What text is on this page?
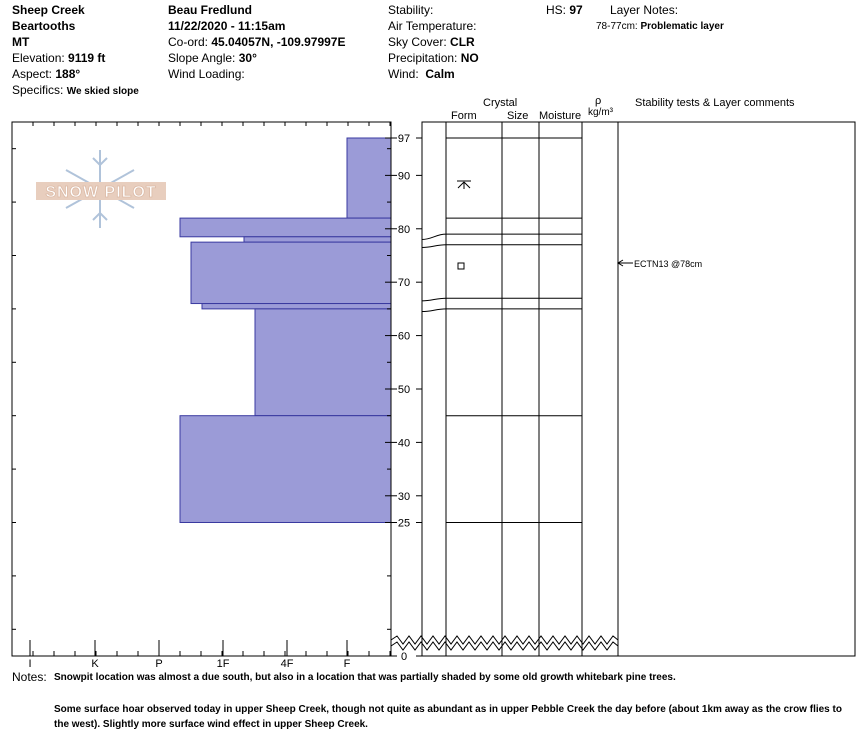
Sheep Creek
Beartooths
MT
Elevation: 9119 ft
Aspect: 188°
Specifics: We skied slope
Beau Fredlund
11/22/2020 - 11:15am
Co-ord: 45.04057N, -109.97997E
Slope Angle: 30°
Wind Loading:
Stability:
Air Temperature:
Sky Cover: CLR
Precipitation: NO
Wind: Calm
HS: 97 Layer Notes:
78-77cm: Problematic layer
Crystal
Form	Size Moisture
ρ
kg/m³
Stability tests & Layer comments
SNOW PILOT
I	K	P	1F	4F	F
97
90
80
70
60
50
40
30
25
0
ECTN13 @78cm
Notes: Snowpit location was almost a due south, but also in a location that was partially shaded by some old growth whitebark pine trees.
Some surface hoar observed today in upper Sheep Creek, though not quite as abundant as in upper Pebble Creek the day before (about 1km away as the crow flies to the west). Slightly more surface wind effect in upper Sheep Creek.
